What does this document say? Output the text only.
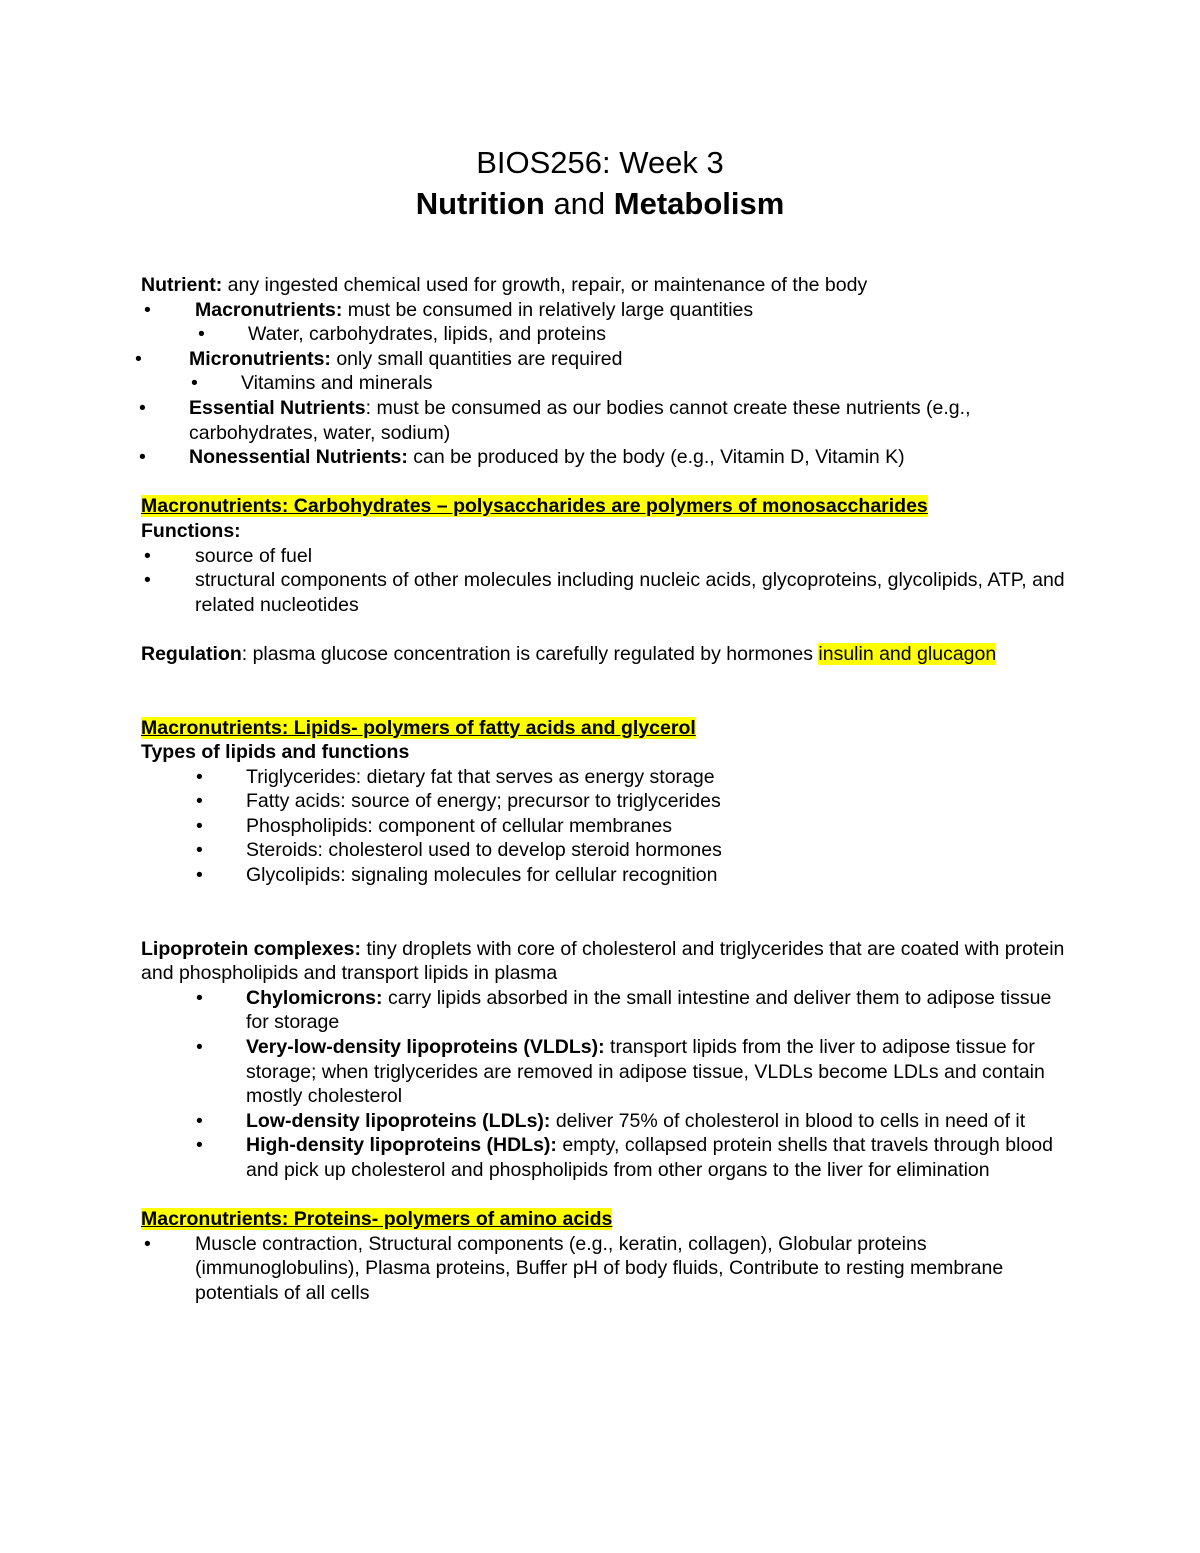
BIOS256: Week 3

Nutrition and Metabolism

Nutrient: any ingested chemical used for growth, repair, or maintenance of the body

• Macronutrients: must be consumed in relatively large quantities
• Water, carbohydrates, lipids, and proteins
• Micronutrients: only small quantities are required
• Vitamins and minerals
• Essential Nutrients: must be consumed as our bodies cannot create these nutrients (e.g., carbohydrates, water, sodium)
• Nonessential Nutrients: can be produced by the body (e.g., Vitamin D, Vitamin K)

Macronutrients: Carbohydrates – polysaccharides are polymers of monosaccharides

Functions:

• source of fuel
• structural components of other molecules including nucleic acids, glycoproteins, glycolipids, ATP, and related nucleotides

Regulation: plasma glucose concentration is carefully regulated by hormones insulin and glucagon

Macronutrients: Lipids- polymers of fatty acids and glycerol

Types of lipids and functions

• Triglycerides: dietary fat that serves as energy storage
• Fatty acids: source of energy; precursor to triglycerides
• Phospholipids: component of cellular membranes
• Steroids: cholesterol used to develop steroid hormones
• Glycolipids: signaling molecules for cellular recognition

Lipoprotein complexes: tiny droplets with core of cholesterol and triglycerides that are coated with protein and phospholipids and transport lipids in plasma

• Chylomicrons: carry lipids absorbed in the small intestine and deliver them to adipose tissue for storage
• Very-low-density lipoproteins (VLDLs): transport lipids from the liver to adipose tissue for storage; when triglycerides are removed in adipose tissue, VLDLs become LDLs and contain mostly cholesterol
• Low-density lipoproteins (LDLs): deliver 75% of cholesterol in blood to cells in need of it
• High-density lipoproteins (HDLs): empty, collapsed protein shells that travels through blood and pick up cholesterol and phospholipids from other organs to the liver for elimination

Macronutrients: Proteins- polymers of amino acids

• Muscle contraction, Structural components (e.g., keratin, collagen), Globular proteins (immunoglobulins), Plasma proteins, Buffer pH of body fluids, Contribute to resting membrane potentials of all cells
